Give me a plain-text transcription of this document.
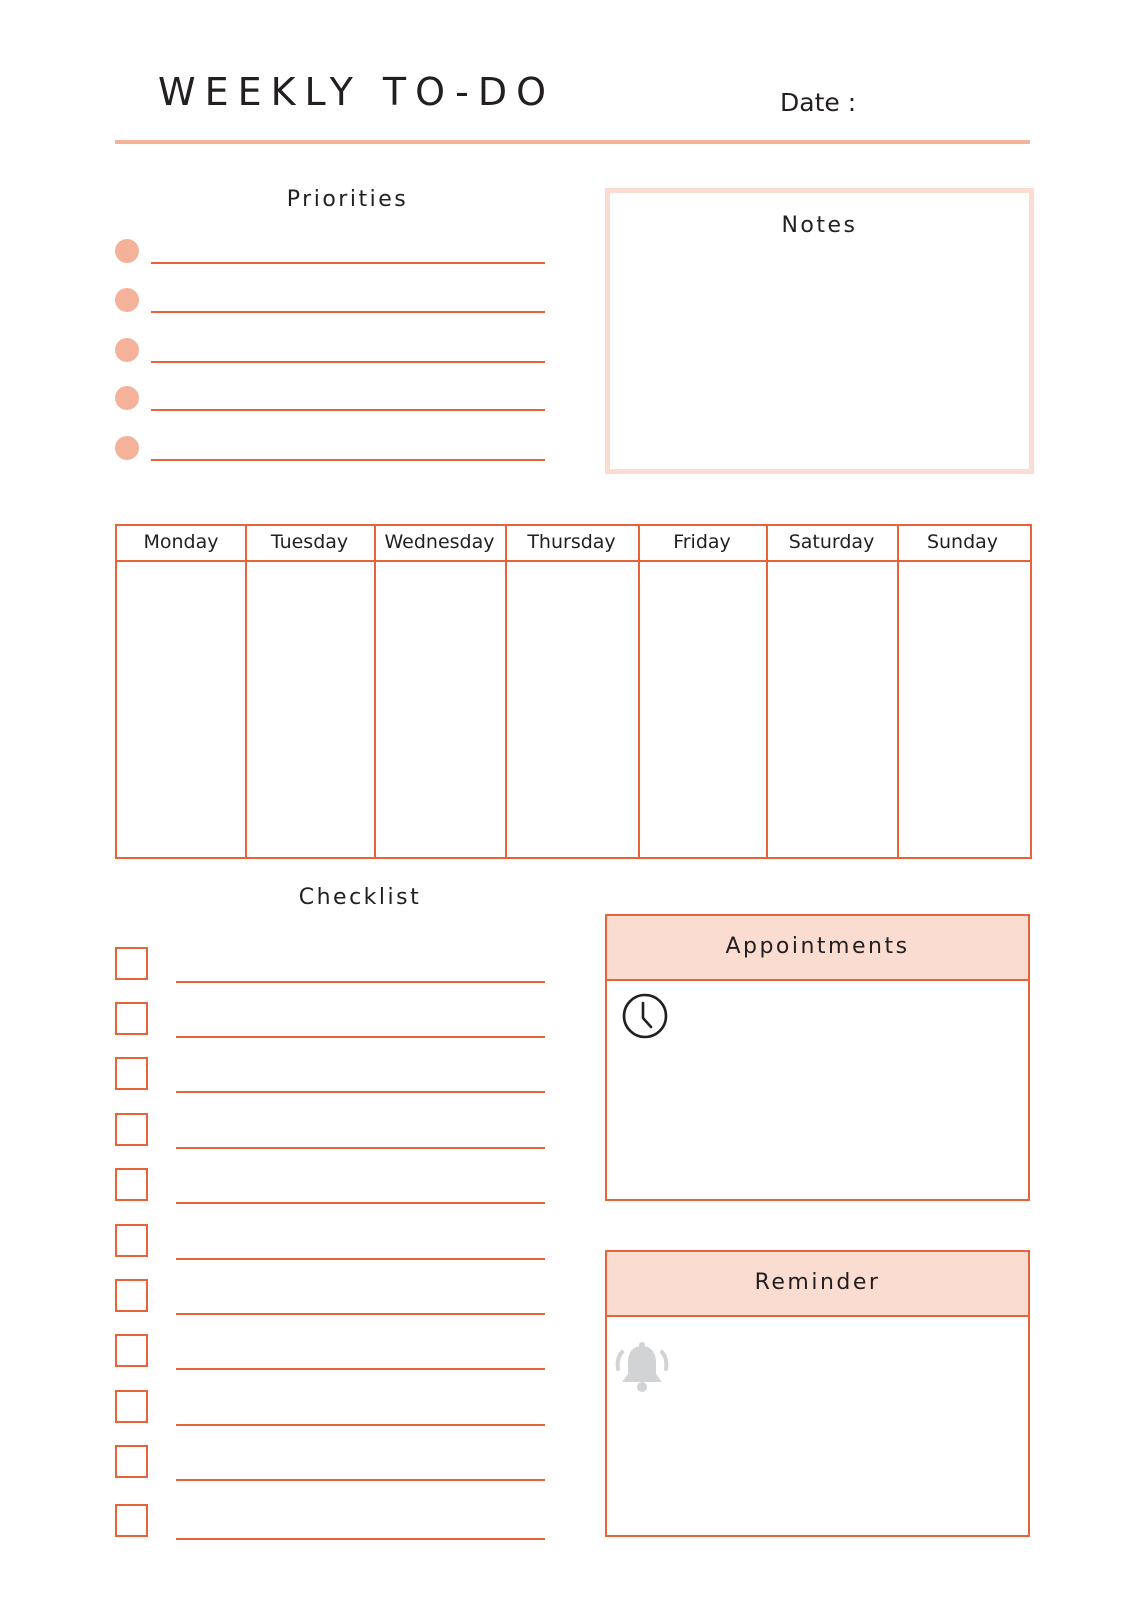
WEEKLY TO-DO	Date :
Priorities
Notes
Monday	Tuesday	Wednesday	Thursday	Friday	Saturday	Sunday
Checklist
Appointments
Reminder
